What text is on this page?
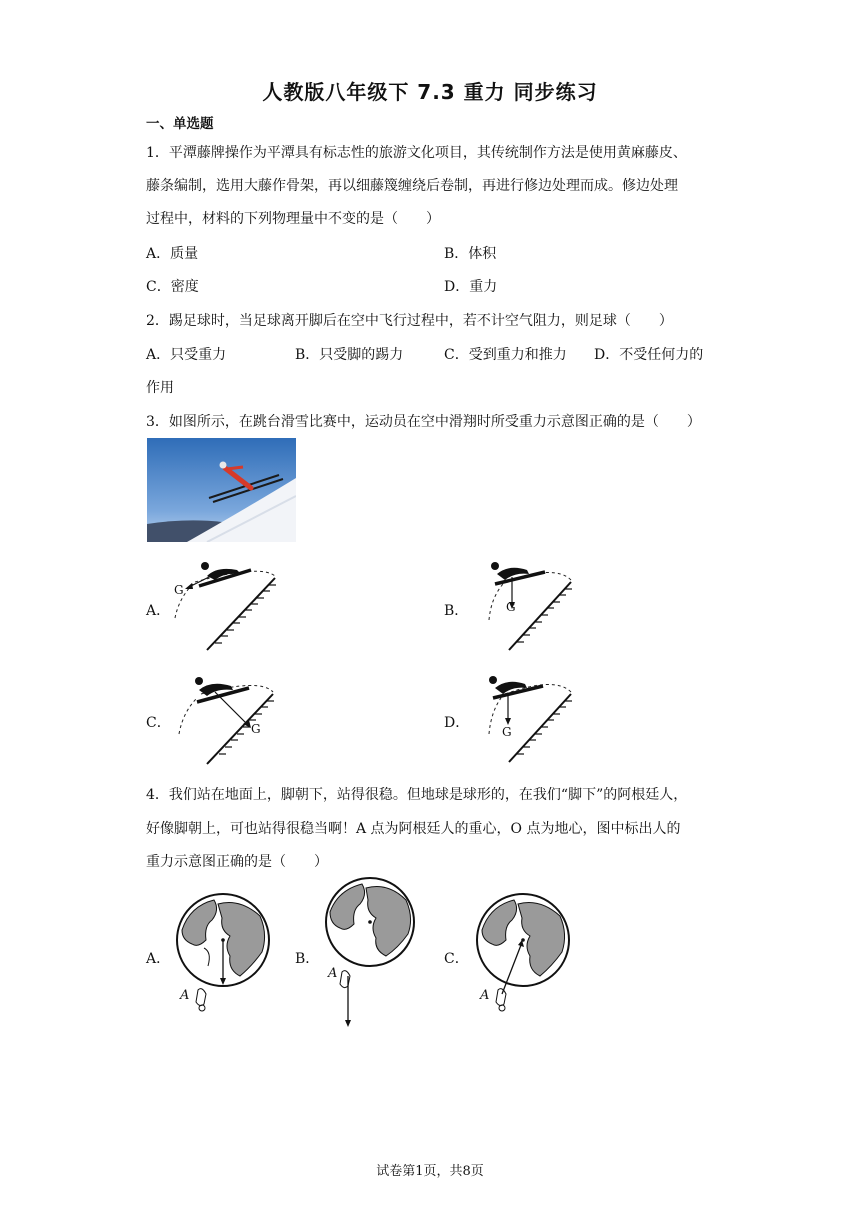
人教版八年级下 7.3 重力 同步练习
一、单选题
1．平潭藤牌操作为平潭具有标志性的旅游文化项目，其传统制作方法是使用黄麻藤皮、
藤条编制，选用大藤作骨架，再以细藤篾缠绕后卷制，再进行修边处理而成。修边处理
过程中，材料的下列物理量中不变的是（　　）
A．质量	B．体积
C．密度	D．重力
2．踢足球时，当足球离开脚后在空中飞行过程中，若不计空气阻力，则足球（　　）
A．只受重力	B．只受脚的踢力	C．受到重力和推力 D．不受任何力的
作用
3．如图所示，在跳台滑雪比赛中，运动员在空中滑翔时所受重力示意图正确的是（　　）
A．	B．
C．	D．
G
G
G	G
4．我们站在地面上，脚朝下，站得很稳。但地球是球形的，在我们“脚下”的阿根廷人，
好像脚朝上，可也站得很稳当啊！A 点为阿根廷人的重心，O 点为地心，图中标出人的
重力示意图正确的是（　　）
A．	B．	C．
A
A
A
试卷第1页，共8页
